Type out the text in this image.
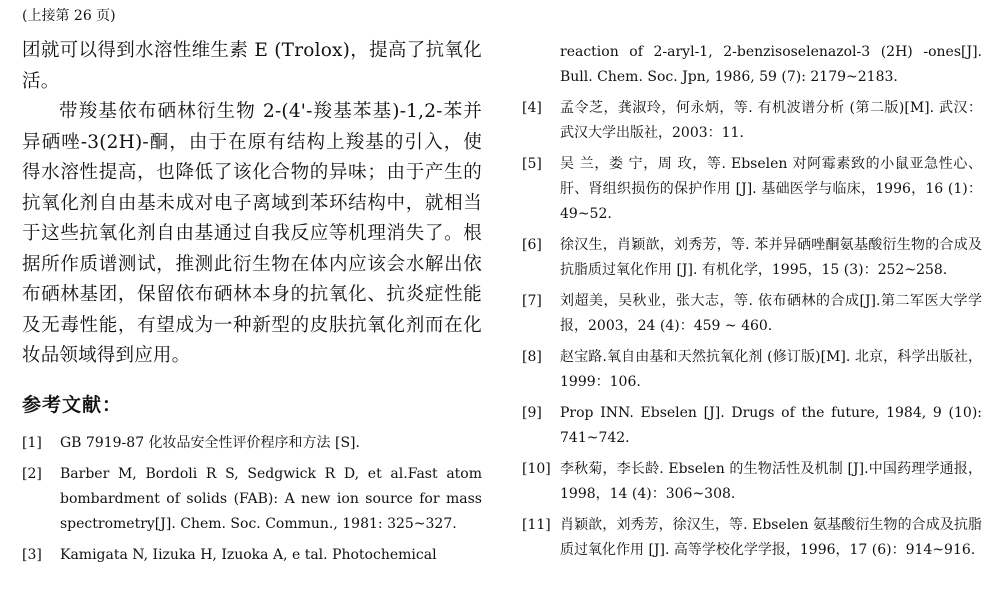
(上接第 26 页)

团就可以得到水溶性维生素 E (Trolox)，提高了抗氧化活。

带羧基依布硒林衍生物 2-(4'-羧基苯基)-1,2-苯并异硒唑-3(2H)-酮，由于在原有结构上羧基的引入，使得水溶性提高，也降低了该化合物的异味；由于产生的抗氧化剂自由基未成对电子离域到苯环结构中，就相当于这些抗氧化剂自由基通过自我反应等机理消失了。根据所作质谱测试，推测此衍生物在体内应该会水解出依布硒林基团，保留依布硒林本身的抗氧化、抗炎症性能及无毒性能，有望成为一种新型的皮肤抗氧化剂而在化妆品领域得到应用。

参考文献：
[1]	GB 7919-87 化妆品安全性评价程序和方法 [S].
[2]	Barber M, Bordoli R S, Sedgwick R D, et al.Fast atom bombardment of solids (FAB): A new ion source for mass spectrometry[J]. Chem. Soc. Commun., 1981: 325~327.
[3]	Kamigata N, Iizuka H, Izuoka A, e tal. Photochemical
reaction of 2-aryl-1, 2-benzisoselenazol-3 (2H) -ones[J]. Bull. Chem. Soc. Jpn, 1986, 59 (7): 2179~2183.
[4]	孟令芝，龚淑玲，何永炳，等. 有机波谱分析 (第二版)[M]. 武汉：武汉大学出版社，2003：11.
[5]	吴 兰，娄 宁，周 玫，等. Ebselen 对阿霉素致的小鼠亚急性心、肝、肾组织损伤的保护作用 [J]. 基础医学与临床，1996，16 (1)：49~52.
[6]	徐汉生，肖颖歆，刘秀芳，等. 苯并异硒唑酮氨基酸衍生物的合成及抗脂质过氧化作用 [J]. 有机化学，1995，15 (3)：252~258.
[7]	刘超美，吴秋业，张大志，等. 依布硒林的合成[J].第二军医大学学报，2003，24 (4)：459 ~ 460.
[8]	赵宝路.氧自由基和天然抗氧化剂 (修订版)[M]. 北京，科学出版社，1999：106.
[9]	Prop INN. Ebselen [J]. Drugs of the future, 1984, 9 (10): 741~742.
[10] 李秋菊，李长龄. Ebselen 的生物活性及机制 [J].中国药理学通报，1998，14 (4)：306~308.
[11] 肖颖歆，刘秀芳，徐汉生，等. Ebselen 氨基酸衍生物的合成及抗脂质过氧化作用 [J]. 高等学校化学学报，1996，17 (6)：914~916.
